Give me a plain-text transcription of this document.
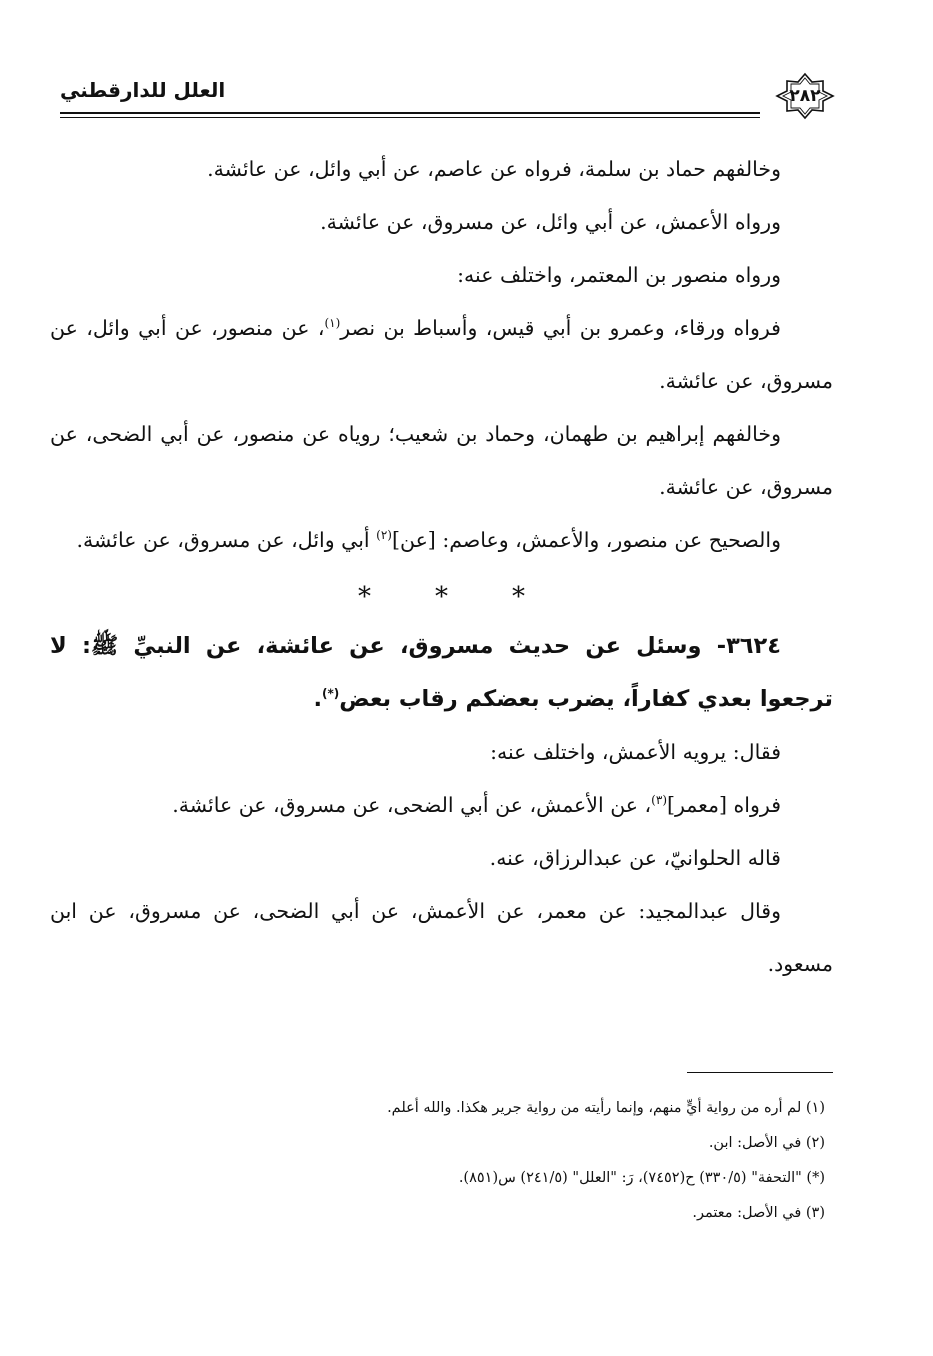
العلل للدارقطني	٢٨٢

وخالفهم حماد بن سلمة، فرواه عن عاصم، عن أبي وائل، عن عائشة.

ورواه الأعمش، عن أبي وائل، عن مسروق، عن عائشة.

ورواه منصور بن المعتمر، واختلف عنه:

فرواه ورقاء، وعمرو بن أبي قيس، وأسباط بن نصر$^{(١)}$، عن منصور، عن أبي وائل، عن مسروق، عن عائشة.

وخالفهم إبراهيم بن طهمان، وحماد بن شعيب؛ روياه عن منصور، عن أبي الضحى، عن مسروق، عن عائشة.

والصحيح عن منصور، والأعمش، وعاصم: [عن]$^{(٢)}$ أبي وائل، عن مسروق، عن عائشة.

* * *

٣٦٢٤- وسئل عن حديث مسروق، عن عائشة، عن النبيِّ ﷺ: لا ترجعوا بعدي كفاراً، يضرب بعضكم رقاب بعض(*).

فقال: يرويه الأعمش، واختلف عنه:

فرواه [معمر]$^{(٣)}$، عن الأعمش، عن أبي الضحى، عن مسروق، عن عائشة.

قاله الحلوانيّ، عن عبدالرزاق، عنه.

وقال عبدالمجيد: عن معمر، عن الأعمش، عن أبي الضحى، عن مسروق، عن ابن مسعود.

(١) لم أره من رواية أيٍّ منهم، وإنما رأيته من رواية جرير هكذا. والله أعلم.
(٢) في الأصل: ابن.
(*) "التحفة" (٣٣٠/٥) ح(٧٤٥٢)، رَ: "العلل" (٢٤١/٥) س(٨٥١).
(٣) في الأصل: معتمر.
